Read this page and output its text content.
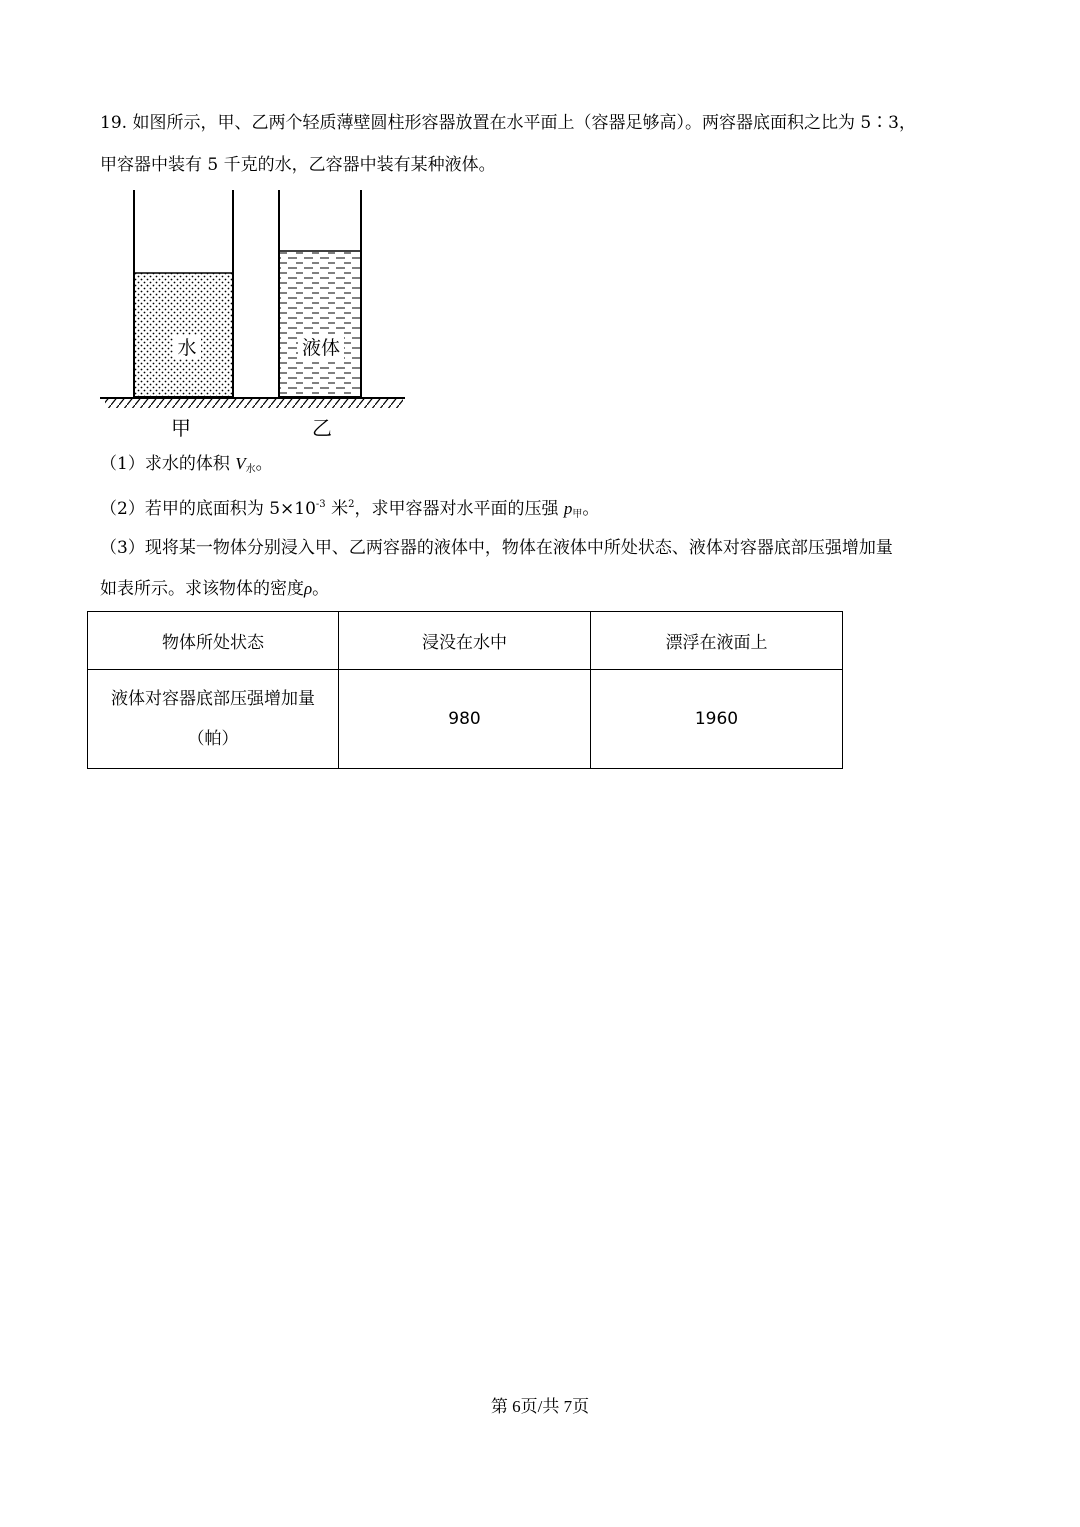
19. 如图所示，甲、乙两个轻质薄壁圆柱形容器放置在水平面上（容器足够高）。两容器底面积之比为 5∶3，
甲容器中装有 5 千克的水，乙容器中装有某种液体。
水	液体
甲	乙
（1）求水的体积 $V_水$。
（2）若甲的底面积为 $5\times 10^{-3}$ 米$^2$，求甲容器对水平面的压强 $p_甲$。
（3）现将某一物体分别浸入甲、乙两容器的液体中，物体在液体中所处状态、液体对容器底部压强增加量
如表所示。求该物体的密度ρ。
物体所处状态	浸没在水中	漂浮在液面上

液体对容器底部压强增加量
（帕）	980	1960
第 6页/共 7页
